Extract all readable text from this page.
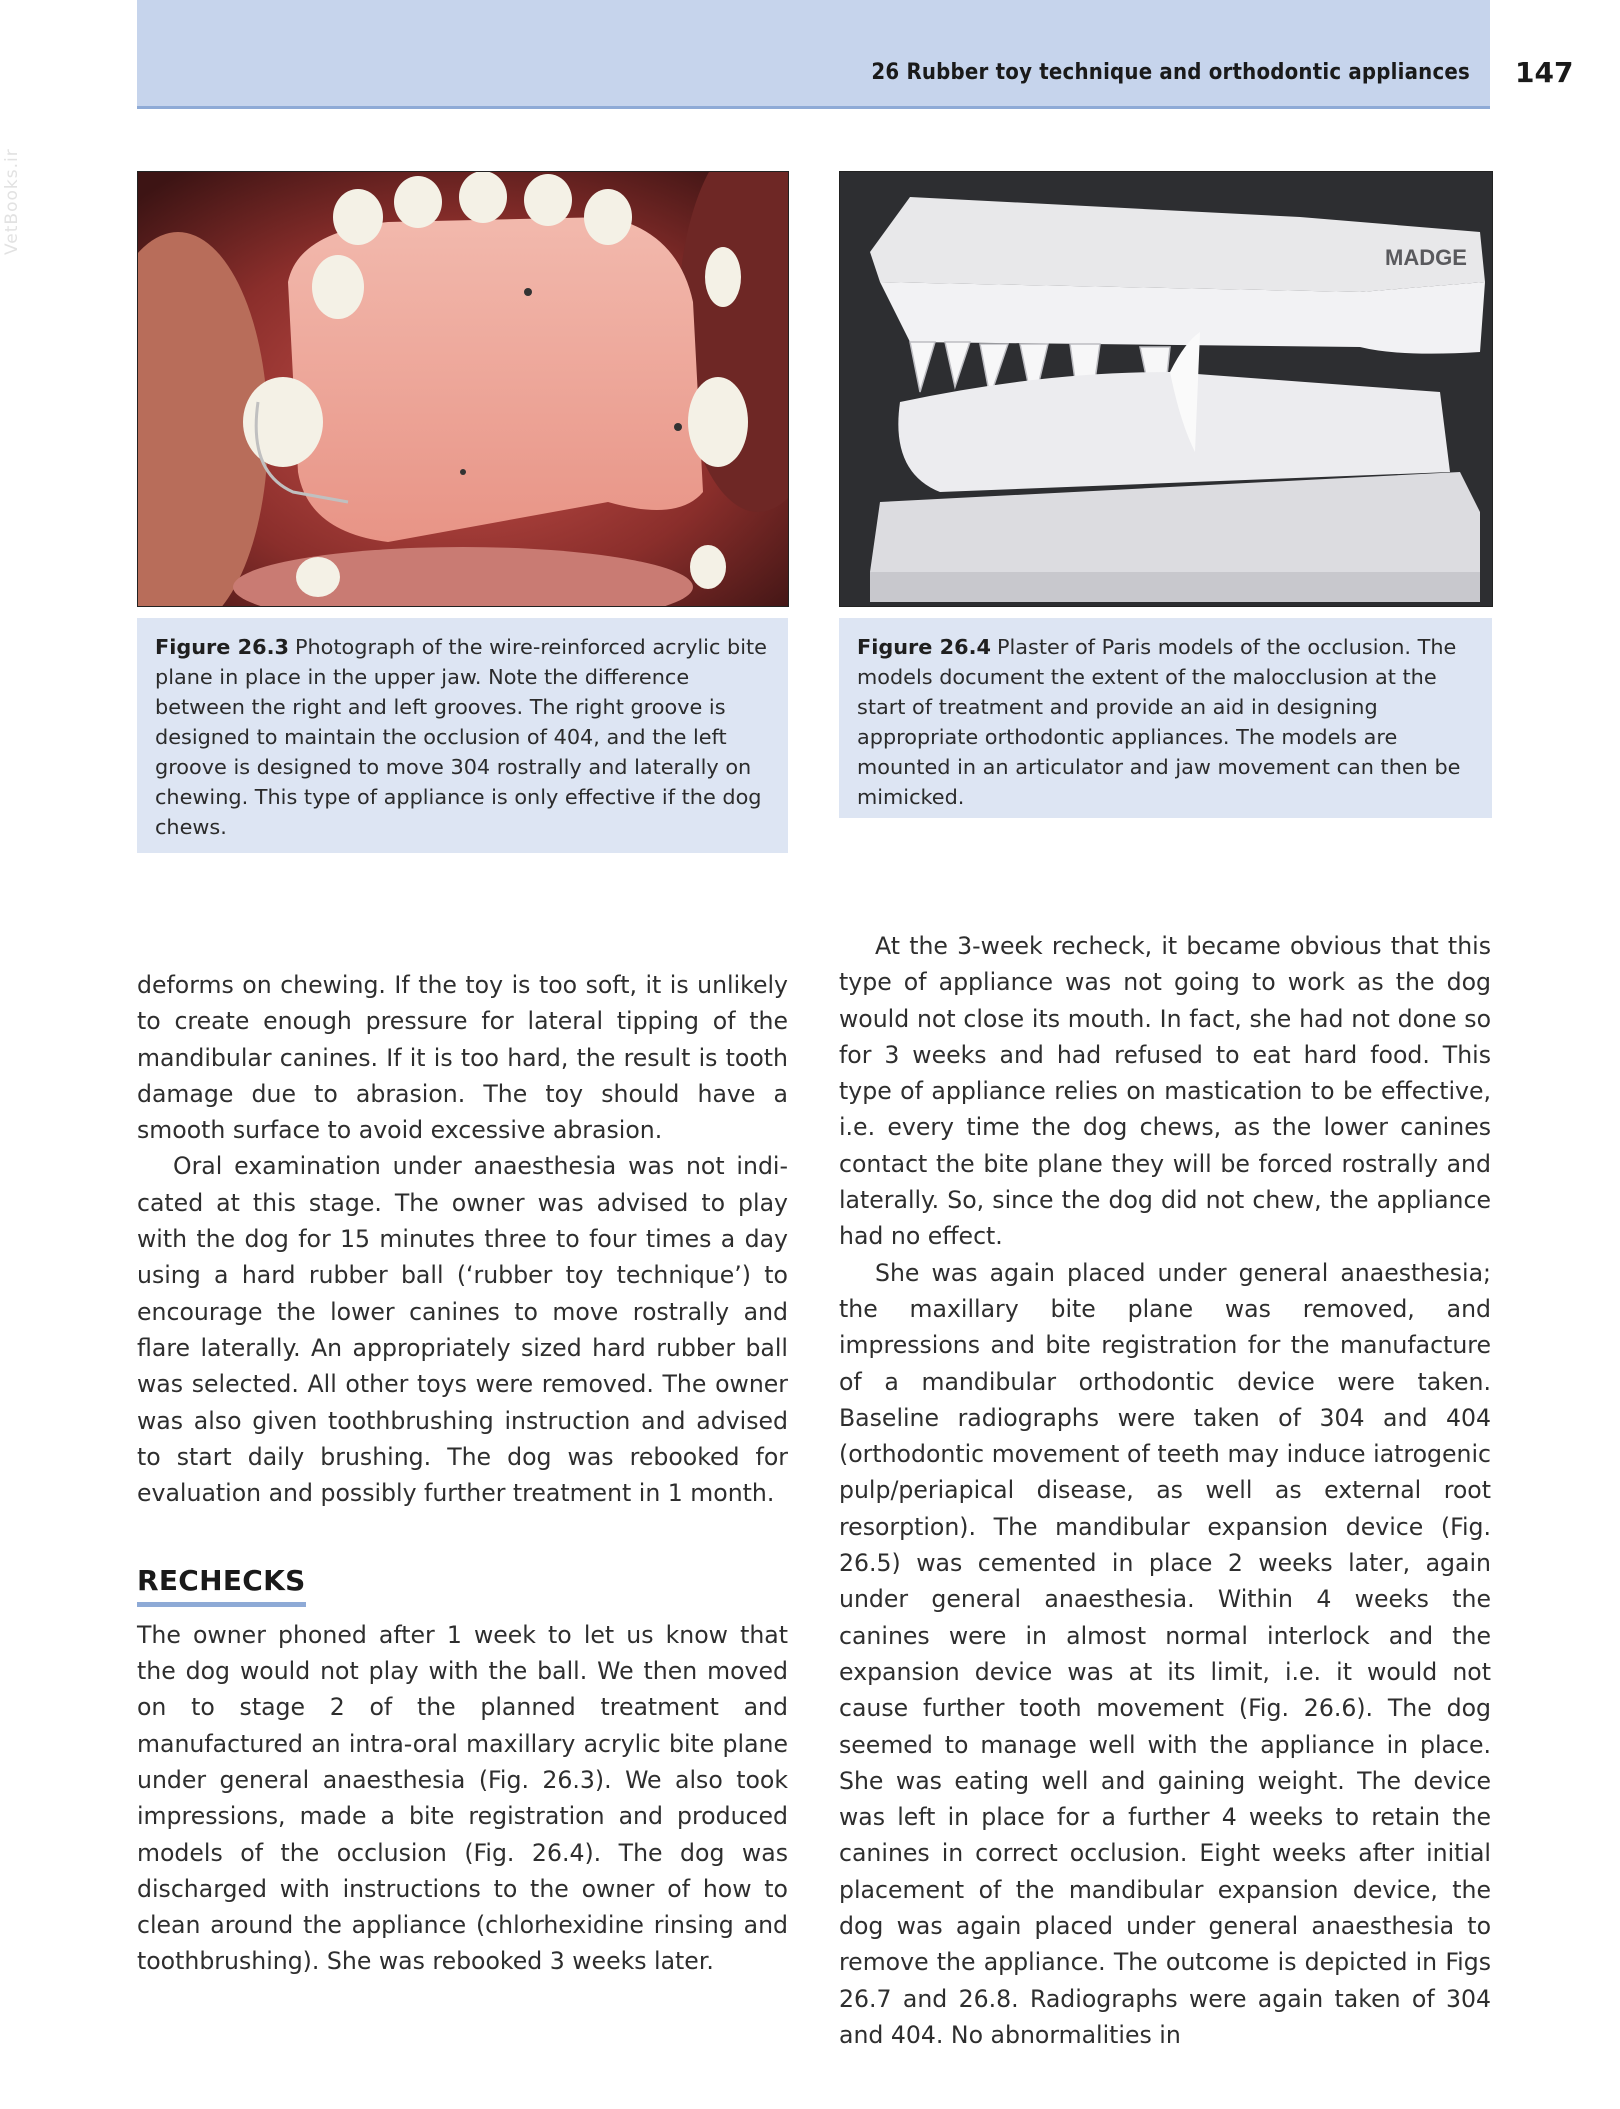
26 Rubber toy technique and orthodontic appliances 147
VetBooks.ir
MADGE
Figure 26.3 Photograph of the wire-reinforced acrylic bite plane in place in the upper jaw. Note the difference between the right and left grooves. The right groove is designed to maintain the occlusion of 404, and the left groove is designed to move 304 rostrally and laterally on chewing. This type of appliance is only effective if the dog chews.
Figure 26.4 Plaster of Paris models of the occlusion. The models document the extent of the malocclusion at the start of treatment and provide an aid in designing appropriate orthodontic appliances. The models are mounted in an articulator and jaw movement can then be mimicked.

deforms on chewing. If the toy is too soft, it is unlikely to create enough pressure for lateral tipping of the mandibular canines. If it is too hard, the result is tooth damage due to abrasion. The toy should have a smooth surface to avoid excessive abrasion.

Oral examination under anaesthesia was not indicated at this stage. The owner was advised to play with the dog for 15 minutes three to four times a day using a hard rubber ball (‘rubber toy technique’) to encourage the lower canines to move rostrally and flare laterally. An appropriately sized hard rubber ball was selected. All other toys were removed. The owner was also given toothbrushing instruction and advised to start daily brushing. The dog was rebooked for evaluation and possibly further treatment in 1 month.

RECHECKS

The owner phoned after 1 week to let us know that the dog would not play with the ball. We then moved on to stage 2 of the planned treatment and manufactured an intra-oral maxillary acrylic bite plane under general anaesthesia (Fig. 26.3). We also took impressions, made a bite registration and produced models of the occlusion (Fig. 26.4). The dog was discharged with instructions to the owner of how to clean around the appliance (chlorhexidine rinsing and toothbrushing). She was rebooked 3 weeks later.

At the 3-week recheck, it became obvious that this type of appliance was not going to work as the dog would not close its mouth. In fact, she had not done so for 3 weeks and had refused to eat hard food. This type of appliance relies on mastication to be effective, i.e. every time the dog chews, as the lower canines contact the bite plane they will be forced rostrally and laterally. So, since the dog did not chew, the appliance had no effect.

She was again placed under general anaesthesia; the maxillary bite plane was removed, and impressions and bite registration for the manufacture of a mandibular orthodontic device were taken. Baseline radiographs were taken of 304 and 404 (orthodontic movement of teeth may induce iatrogenic pulp/periapical disease, as well as external root resorption). The mandibular expansion device (Fig. 26.5) was cemented in place 2 weeks later, again under general anaesthesia. Within 4 weeks the canines were in almost normal interlock and the expansion device was at its limit, i.e. it would not cause further tooth movement (Fig. 26.6). The dog seemed to manage well with the appliance in place. She was eating well and gaining weight. The device was left in place for a further 4 weeks to retain the canines in correct occlusion. Eight weeks after initial placement of the mandibular expansion device, the dog was again placed under general anaesthesia to remove the appliance. The outcome is depicted in Figs 26.7 and 26.8. Radiographs were again taken of 304 and 404. No abnormalities in
